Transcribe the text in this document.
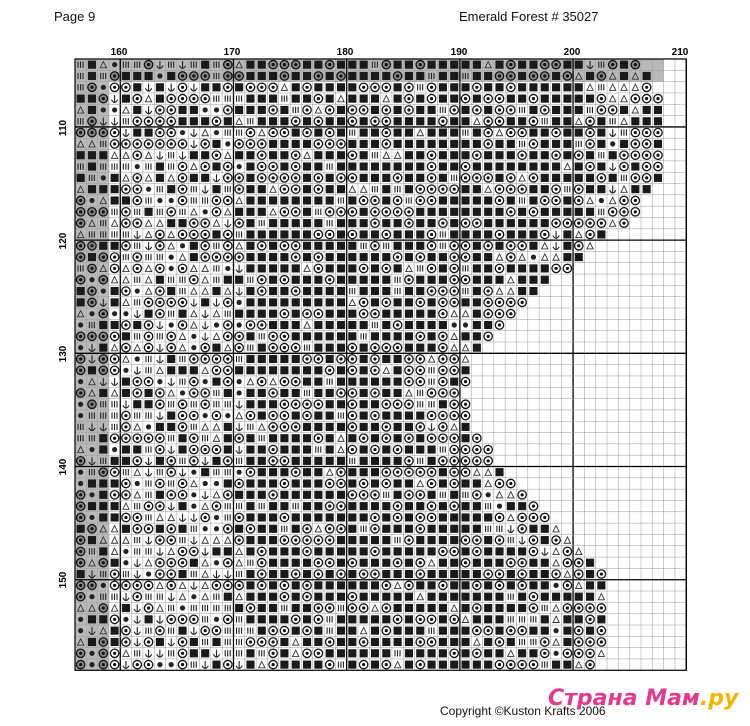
Page 9	Emerald Forest # 35027
160	170	180	190	200	210
110
120
130
140
150
Copyright ©Kuston Krafts 2006
Страна Мам.ру
